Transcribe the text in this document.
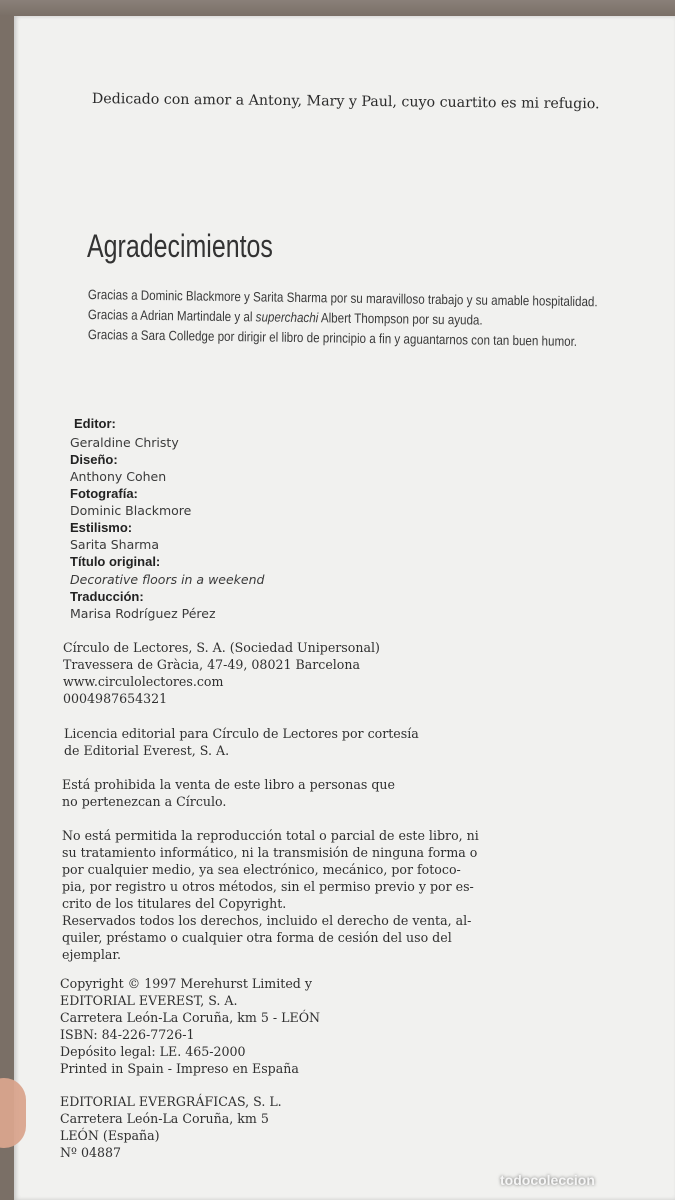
Dedicado con amor a Antony, Mary y Paul, cuyo cuartito es mi refugio.

Agradecimientos

Gracias a Dominic Blackmore y Sarita Sharma por su maravilloso trabajo y su amable hospitalidad.

Gracias a Adrian Martindale y al superchachi Albert Thompson por su ayuda.

Gracias a Sara Colledge por dirigir el libro de principio a fin y aguantarnos con tan buen humor.

Editor:

Geraldine Christy

Diseño:

Anthony Cohen

Fotografía:

Dominic Blackmore

Estilismo:

Sarita Sharma

Título original:

Decorative floors in a weekend

Traducción:

Marisa Rodríguez Pérez

Círculo de Lectores, S. A. (Sociedad Unipersonal)

Travessera de Gràcia, 47-49, 08021 Barcelona

www.circulolectores.com

0004987654321

Licencia editorial para Círculo de Lectores por cortesía

de Editorial Everest, S. A.

Está prohibida la venta de este libro a personas que

no pertenezcan a Círculo.

No está permitida la reproducción total o parcial de este libro, ni

su tratamiento informático, ni la transmisión de ninguna forma o

por cualquier medio, ya sea electrónico, mecánico, por fotoco-

pia, por registro u otros métodos, sin el permiso previo y por es-

crito de los titulares del Copyright.

Reservados todos los derechos, incluido el derecho de venta, al-

quiler, préstamo o cualquier otra forma de cesión del uso del

ejemplar.

Copyright © 1997 Merehurst Limited y

EDITORIAL EVEREST, S. A.

Carretera León-La Coruña, km 5 - LEÓN

ISBN: 84-226-7726-1

Depósito legal: LE. 465-2000

Printed in Spain - Impreso en España

EDITORIAL EVERGRÁFICAS, S. L.

Carretera León-La Coruña, km 5

LEÓN (España)

Nº 04887

todocoleccion
